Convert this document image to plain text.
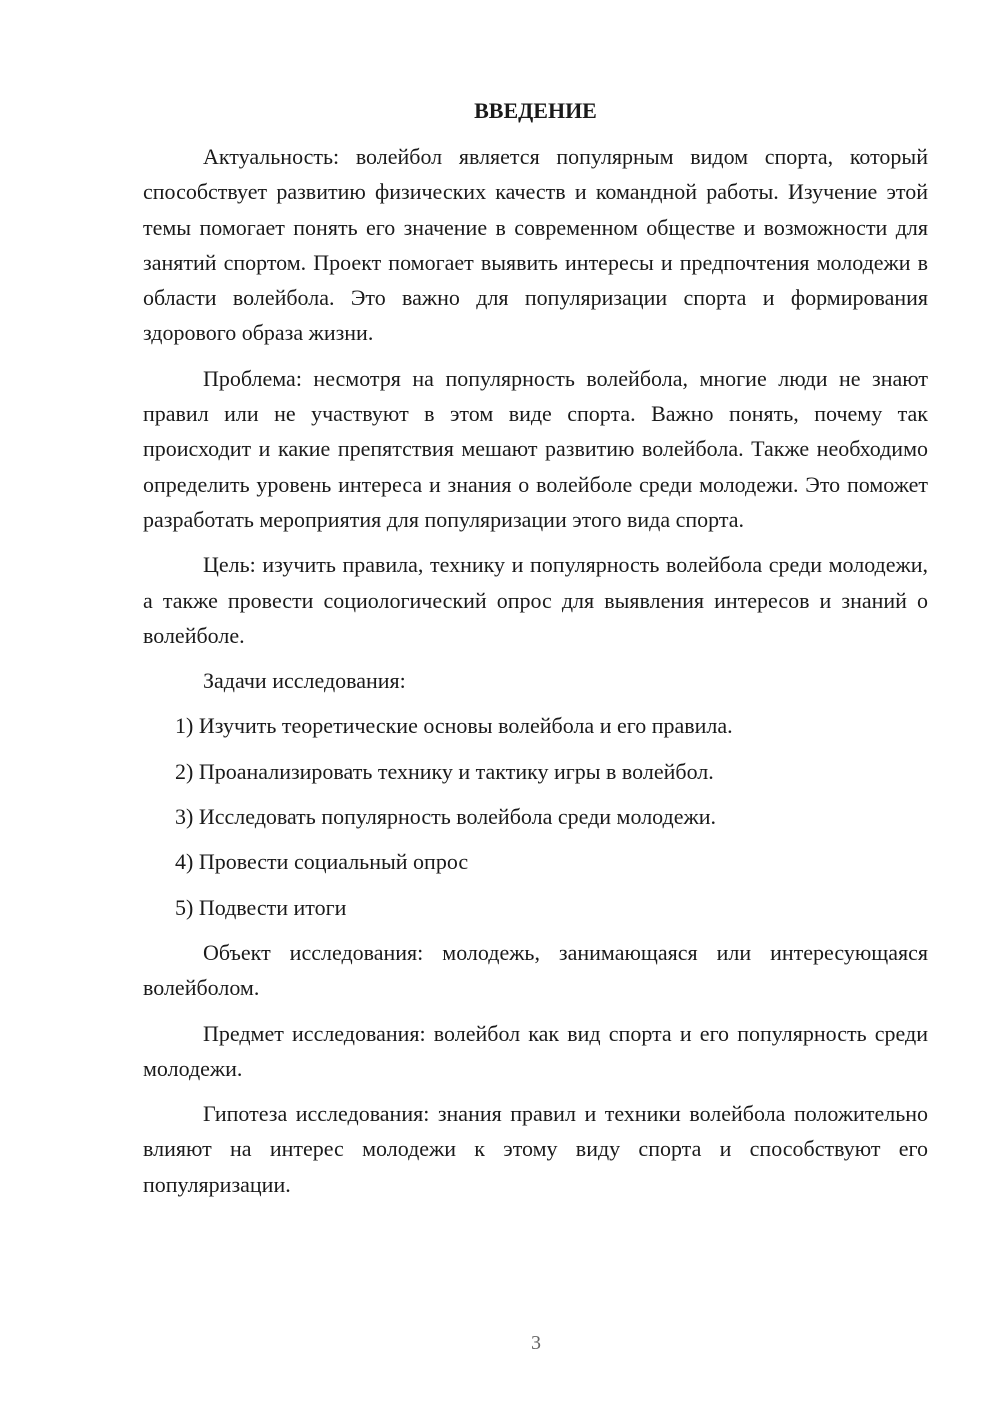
ВВЕДЕНИЕ

Актуальность: волейбол является популярным видом спорта, который способствует развитию физических качеств и командной работы. Изучение этой темы помогает понять его значение в современном обществе и возможности для занятий спортом. Проект помогает выявить интересы и предпочтения молодежи в области волейбола. Это важно для популяризации спорта и формирования здорового образа жизни.

Проблема: несмотря на популярность волейбола, многие люди не знают правил или не участвуют в этом виде спорта. Важно понять, почему так происходит и какие препятствия мешают развитию волейбола. Также необходимо определить уровень интереса и знания о волейболе среди молодежи. Это поможет разработать мероприятия для популяризации этого вида спорта.

Цель: изучить правила, технику и популярность волейбола среди молодежи, а также провести социологический опрос для выявления интересов и знаний о волейболе.

Задачи исследования:

1) Изучить теоретические основы волейбола и его правила.

2) Проанализировать технику и тактику игры в волейбол.

3) Исследовать популярность волейбола среди молодежи.

4) Провести социальный опрос

5) Подвести итоги

Объект исследования: молодежь, занимающаяся или интересующаяся волейболом.

Предмет исследования: волейбол как вид спорта и его популярность среди молодежи.

Гипотеза исследования: знания правил и техники волейбола положительно влияют на интерес молодежи к этому виду спорта и способствуют его популяризации.

3
